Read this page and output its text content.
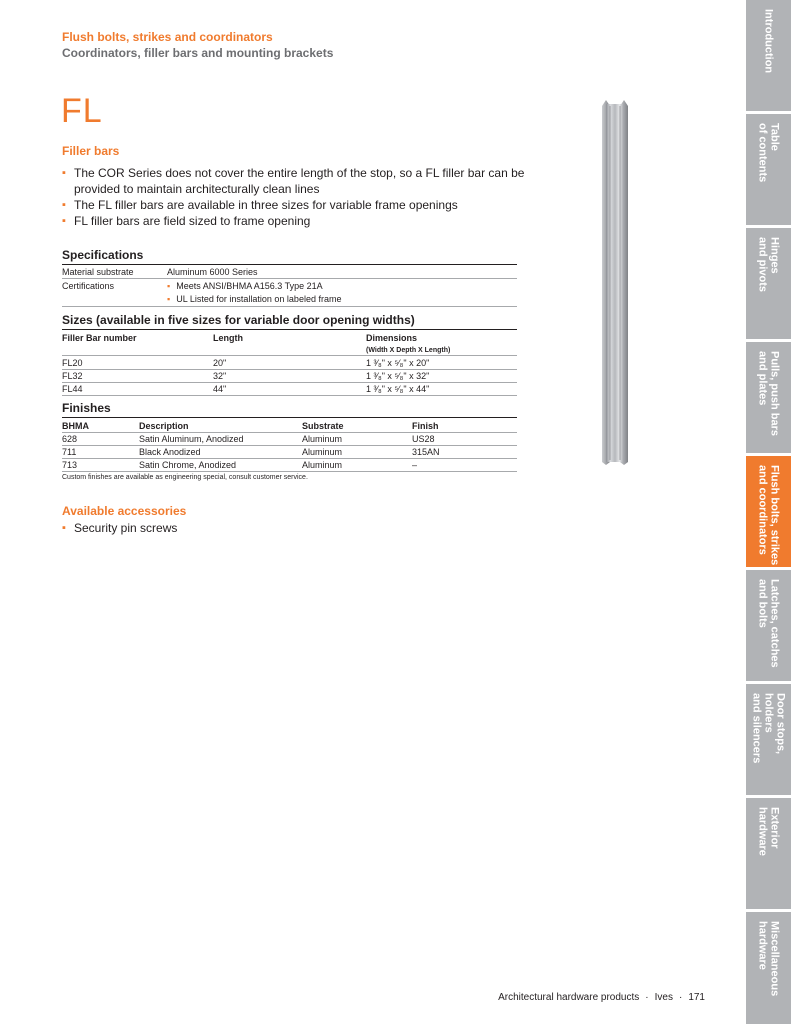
Flush bolts, strikes and coordinators
Coordinators, filler bars and mounting brackets
FL
Filler bars
▪ The COR Series does not cover the entire length of the stop, so a FL filler bar can be provided to maintain architecturally clean lines
▪ The FL filler bars are available in three sizes for variable frame openings
▪ FL filler bars are field sized to frame opening
Specifications
Material substrate	Aluminum 6000 Series
Certifications	▪ Meets ANSI/BHMA A156.3 Type 21A
▪ UL Listed for installation on labeled frame
Sizes (available in five sizes for variable door opening widths)
Filler Bar number	Length	Dimensions
(Width X Depth X Length)
FL20	20"	1 ³⁄₈" x ⁵⁄₈" x 20"
FL32	32"	1 ³⁄₈" x ⁵⁄₈" x 32"
FL44	44"	1 ³⁄₈" x ⁵⁄₈" x 44"
Finishes
BHMA	Description	Substrate	Finish
628	Satin Aluminum, Anodized	Aluminum	US28
711	Black Anodized	Aluminum	315AN
713	Satin Chrome, Anodized	Aluminum	–
Custom finishes are available as engineering special, consult customer service.
Available accessories
▪ Security pin screws
Introduction
Table
of contents
Hinges
and pivots
Pulls, push bars
and plates
Flush bolts, strikes
and coordinators
Latches, catches
and bolts
Door stops, holders
and silencers
Exterior
hardware
Miscellaneous
hardware
Architectural hardware products · Ives · 171
